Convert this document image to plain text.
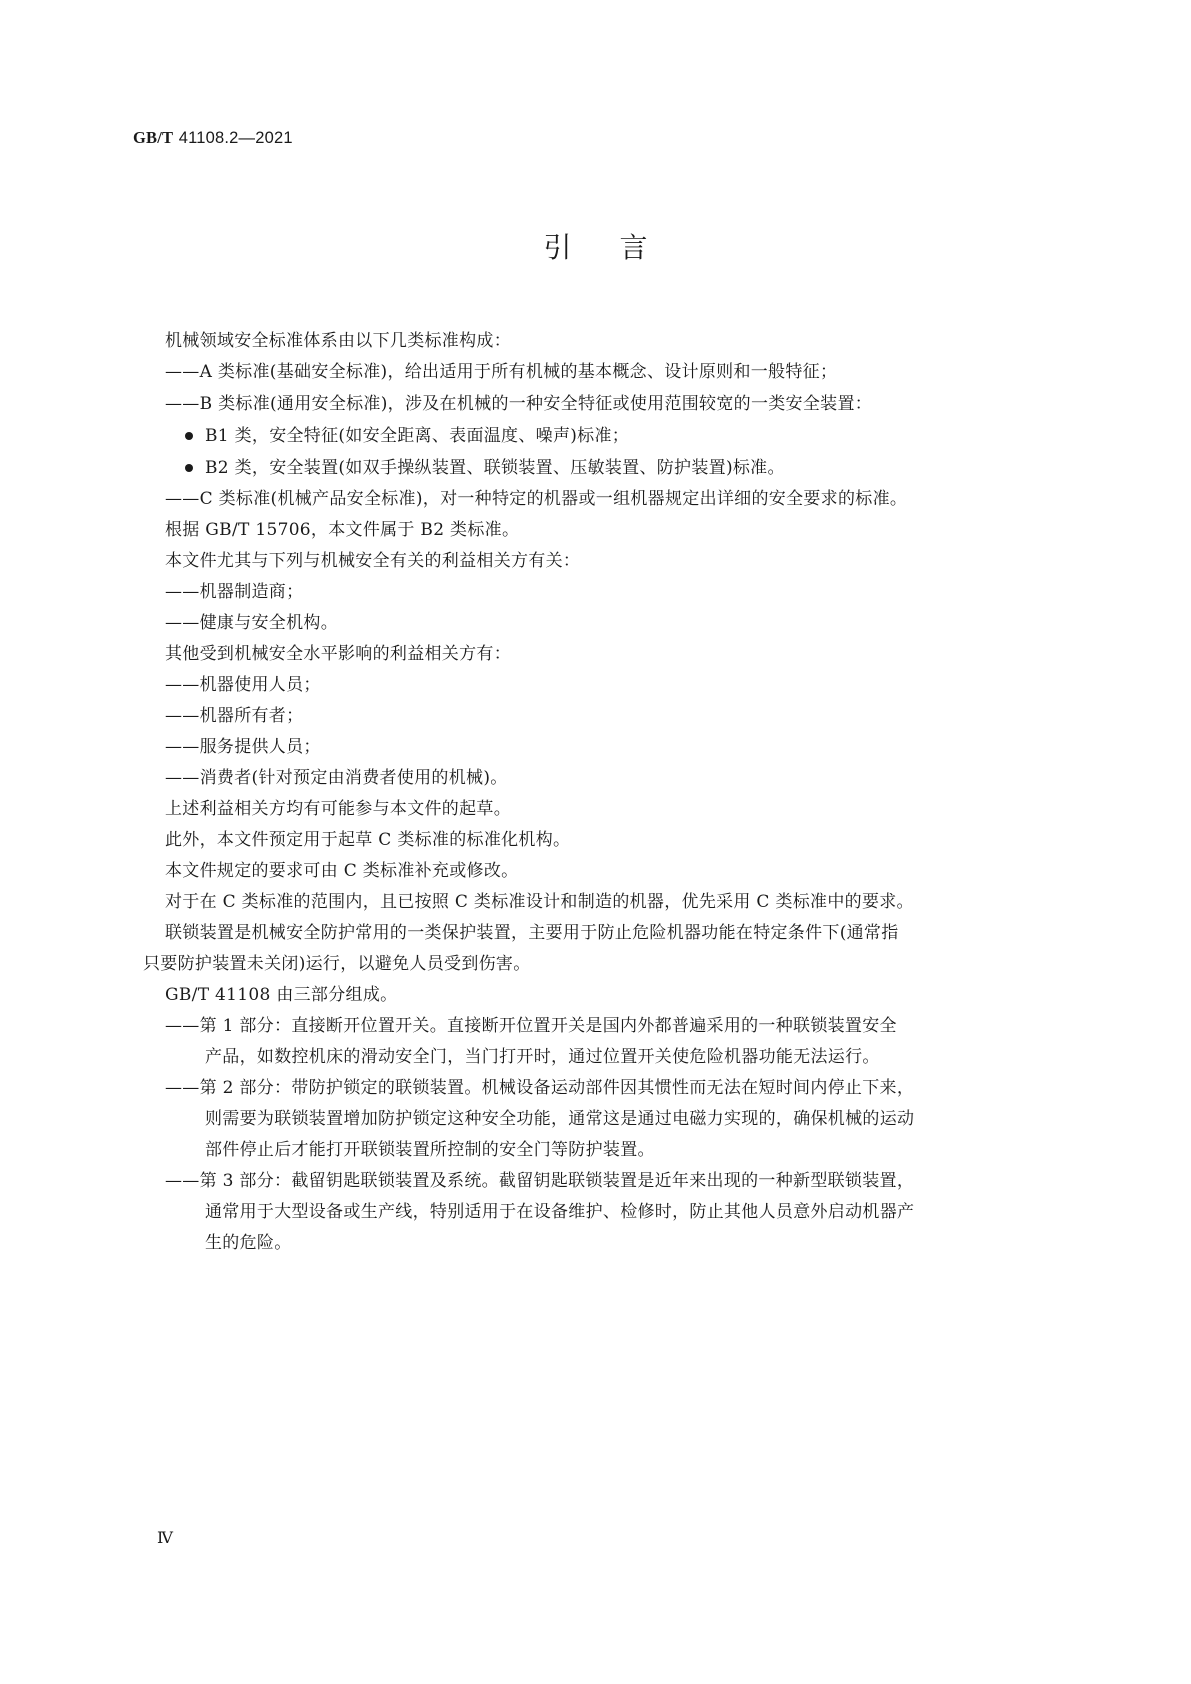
GB/T 41108.2—2021
引言
机械领域安全标准体系由以下几类标准构成：
——A 类标准(基础安全标准)，给出适用于所有机械的基本概念、设计原则和一般特征；
——B 类标准(通用安全标准)，涉及在机械的一种安全特征或使用范围较宽的一类安全装置：
B1 类，安全特征(如安全距离、表面温度、噪声)标准；
B2 类，安全装置(如双手操纵装置、联锁装置、压敏装置、防护装置)标准。
——C 类标准(机械产品安全标准)，对一种特定的机器或一组机器规定出详细的安全要求的标准。
根据 GB/T 15706，本文件属于 B2 类标准。
本文件尤其与下列与机械安全有关的利益相关方有关：
——机器制造商；
——健康与安全机构。
其他受到机械安全水平影响的利益相关方有：
——机器使用人员；
——机器所有者；
——服务提供人员；
——消费者(针对预定由消费者使用的机械)。
上述利益相关方均有可能参与本文件的起草。
此外，本文件预定用于起草 C 类标准的标准化机构。
本文件规定的要求可由 C 类标准补充或修改。
对于在 C 类标准的范围内，且已按照 C 类标准设计和制造的机器，优先采用 C 类标准中的要求。
联锁装置是机械安全防护常用的一类保护装置，主要用于防止危险机器功能在特定条件下(通常指
只要防护装置未关闭)运行，以避免人员受到伤害。
GB/T 41108 由三部分组成。
——第 1 部分：直接断开位置开关。直接断开位置开关是国内外都普遍采用的一种联锁装置安全
产品，如数控机床的滑动安全门，当门打开时，通过位置开关使危险机器功能无法运行。
——第 2 部分：带防护锁定的联锁装置。机械设备运动部件因其惯性而无法在短时间内停止下来，
则需要为联锁装置增加防护锁定这种安全功能，通常这是通过电磁力实现的，确保机械的运动
部件停止后才能打开联锁装置所控制的安全门等防护装置。
——第 3 部分：截留钥匙联锁装置及系统。截留钥匙联锁装置是近年来出现的一种新型联锁装置，
通常用于大型设备或生产线，特别适用于在设备维护、检修时，防止其他人员意外启动机器产
生的危险。
Ⅳ
